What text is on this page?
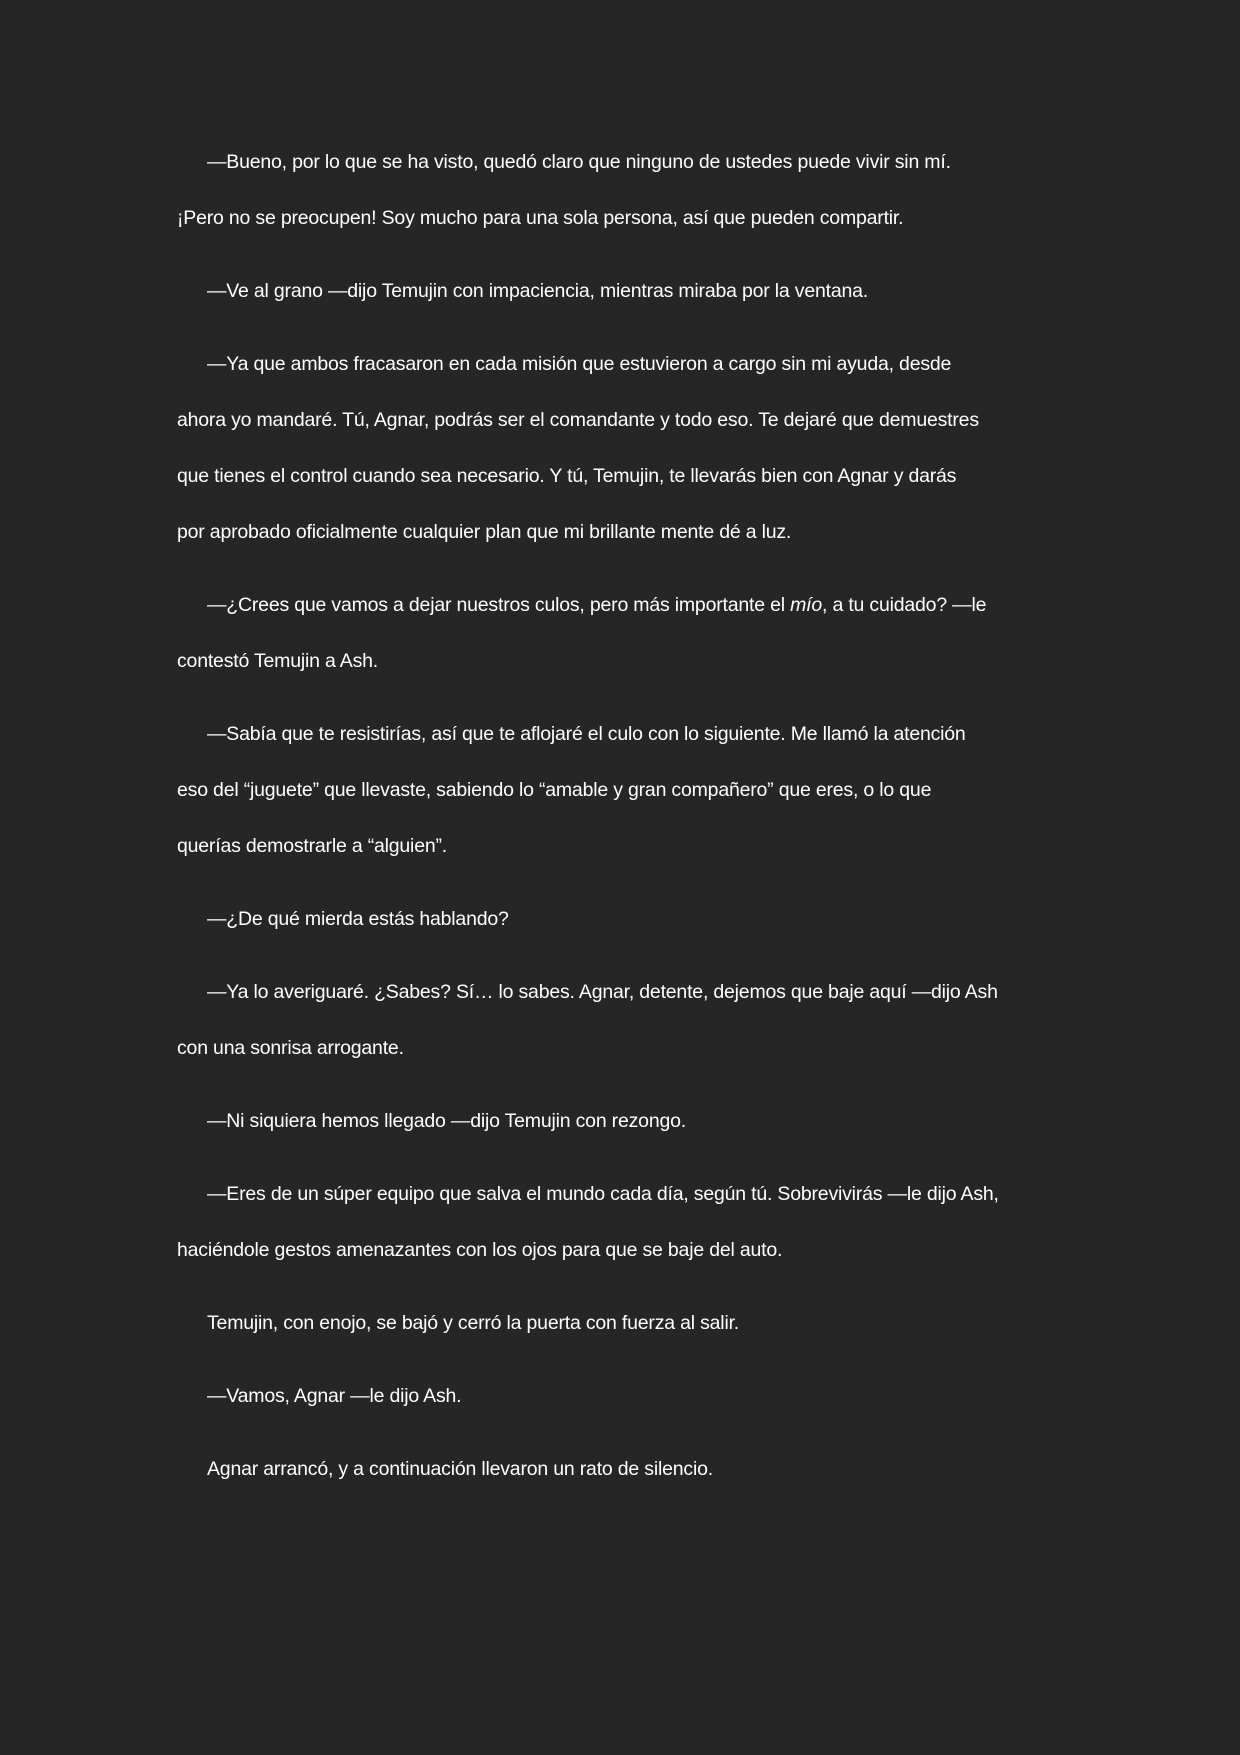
—Bueno, por lo que se ha visto, quedó claro que ninguno de ustedes puede vivir sin mí.
¡Pero no se preocupen! Soy mucho para una sola persona, así que pueden compartir.

—Ve al grano —dijo Temujin con impaciencia, mientras miraba por la ventana.

—Ya que ambos fracasaron en cada misión que estuvieron a cargo sin mi ayuda, desde
ahora yo mandaré. Tú, Agnar, podrás ser el comandante y todo eso. Te dejaré que demuestres
que tienes el control cuando sea necesario. Y tú, Temujin, te llevarás bien con Agnar y darás
por aprobado oficialmente cualquier plan que mi brillante mente dé a luz.

—¿Crees que vamos a dejar nuestros culos, pero más importante el mío, a tu cuidado? —le
contestó Temujin a Ash.

—Sabía que te resistirías, así que te aflojaré el culo con lo siguiente. Me llamó la atención
eso del “juguete” que llevaste, sabiendo lo “amable y gran compañero” que eres, o lo que
querías demostrarle a “alguien”.

—¿De qué mierda estás hablando?

—Ya lo averiguaré. ¿Sabes? Sí… lo sabes. Agnar, detente, dejemos que baje aquí —dijo Ash
con una sonrisa arrogante.

—Ni siquiera hemos llegado —dijo Temujin con rezongo.

—Eres de un súper equipo que salva el mundo cada día, según tú. Sobrevivirás —le dijo Ash,
haciéndole gestos amenazantes con los ojos para que se baje del auto.

Temujin, con enojo, se bajó y cerró la puerta con fuerza al salir.

—Vamos, Agnar —le dijo Ash.

Agnar arrancó, y a continuación llevaron un rato de silencio.
